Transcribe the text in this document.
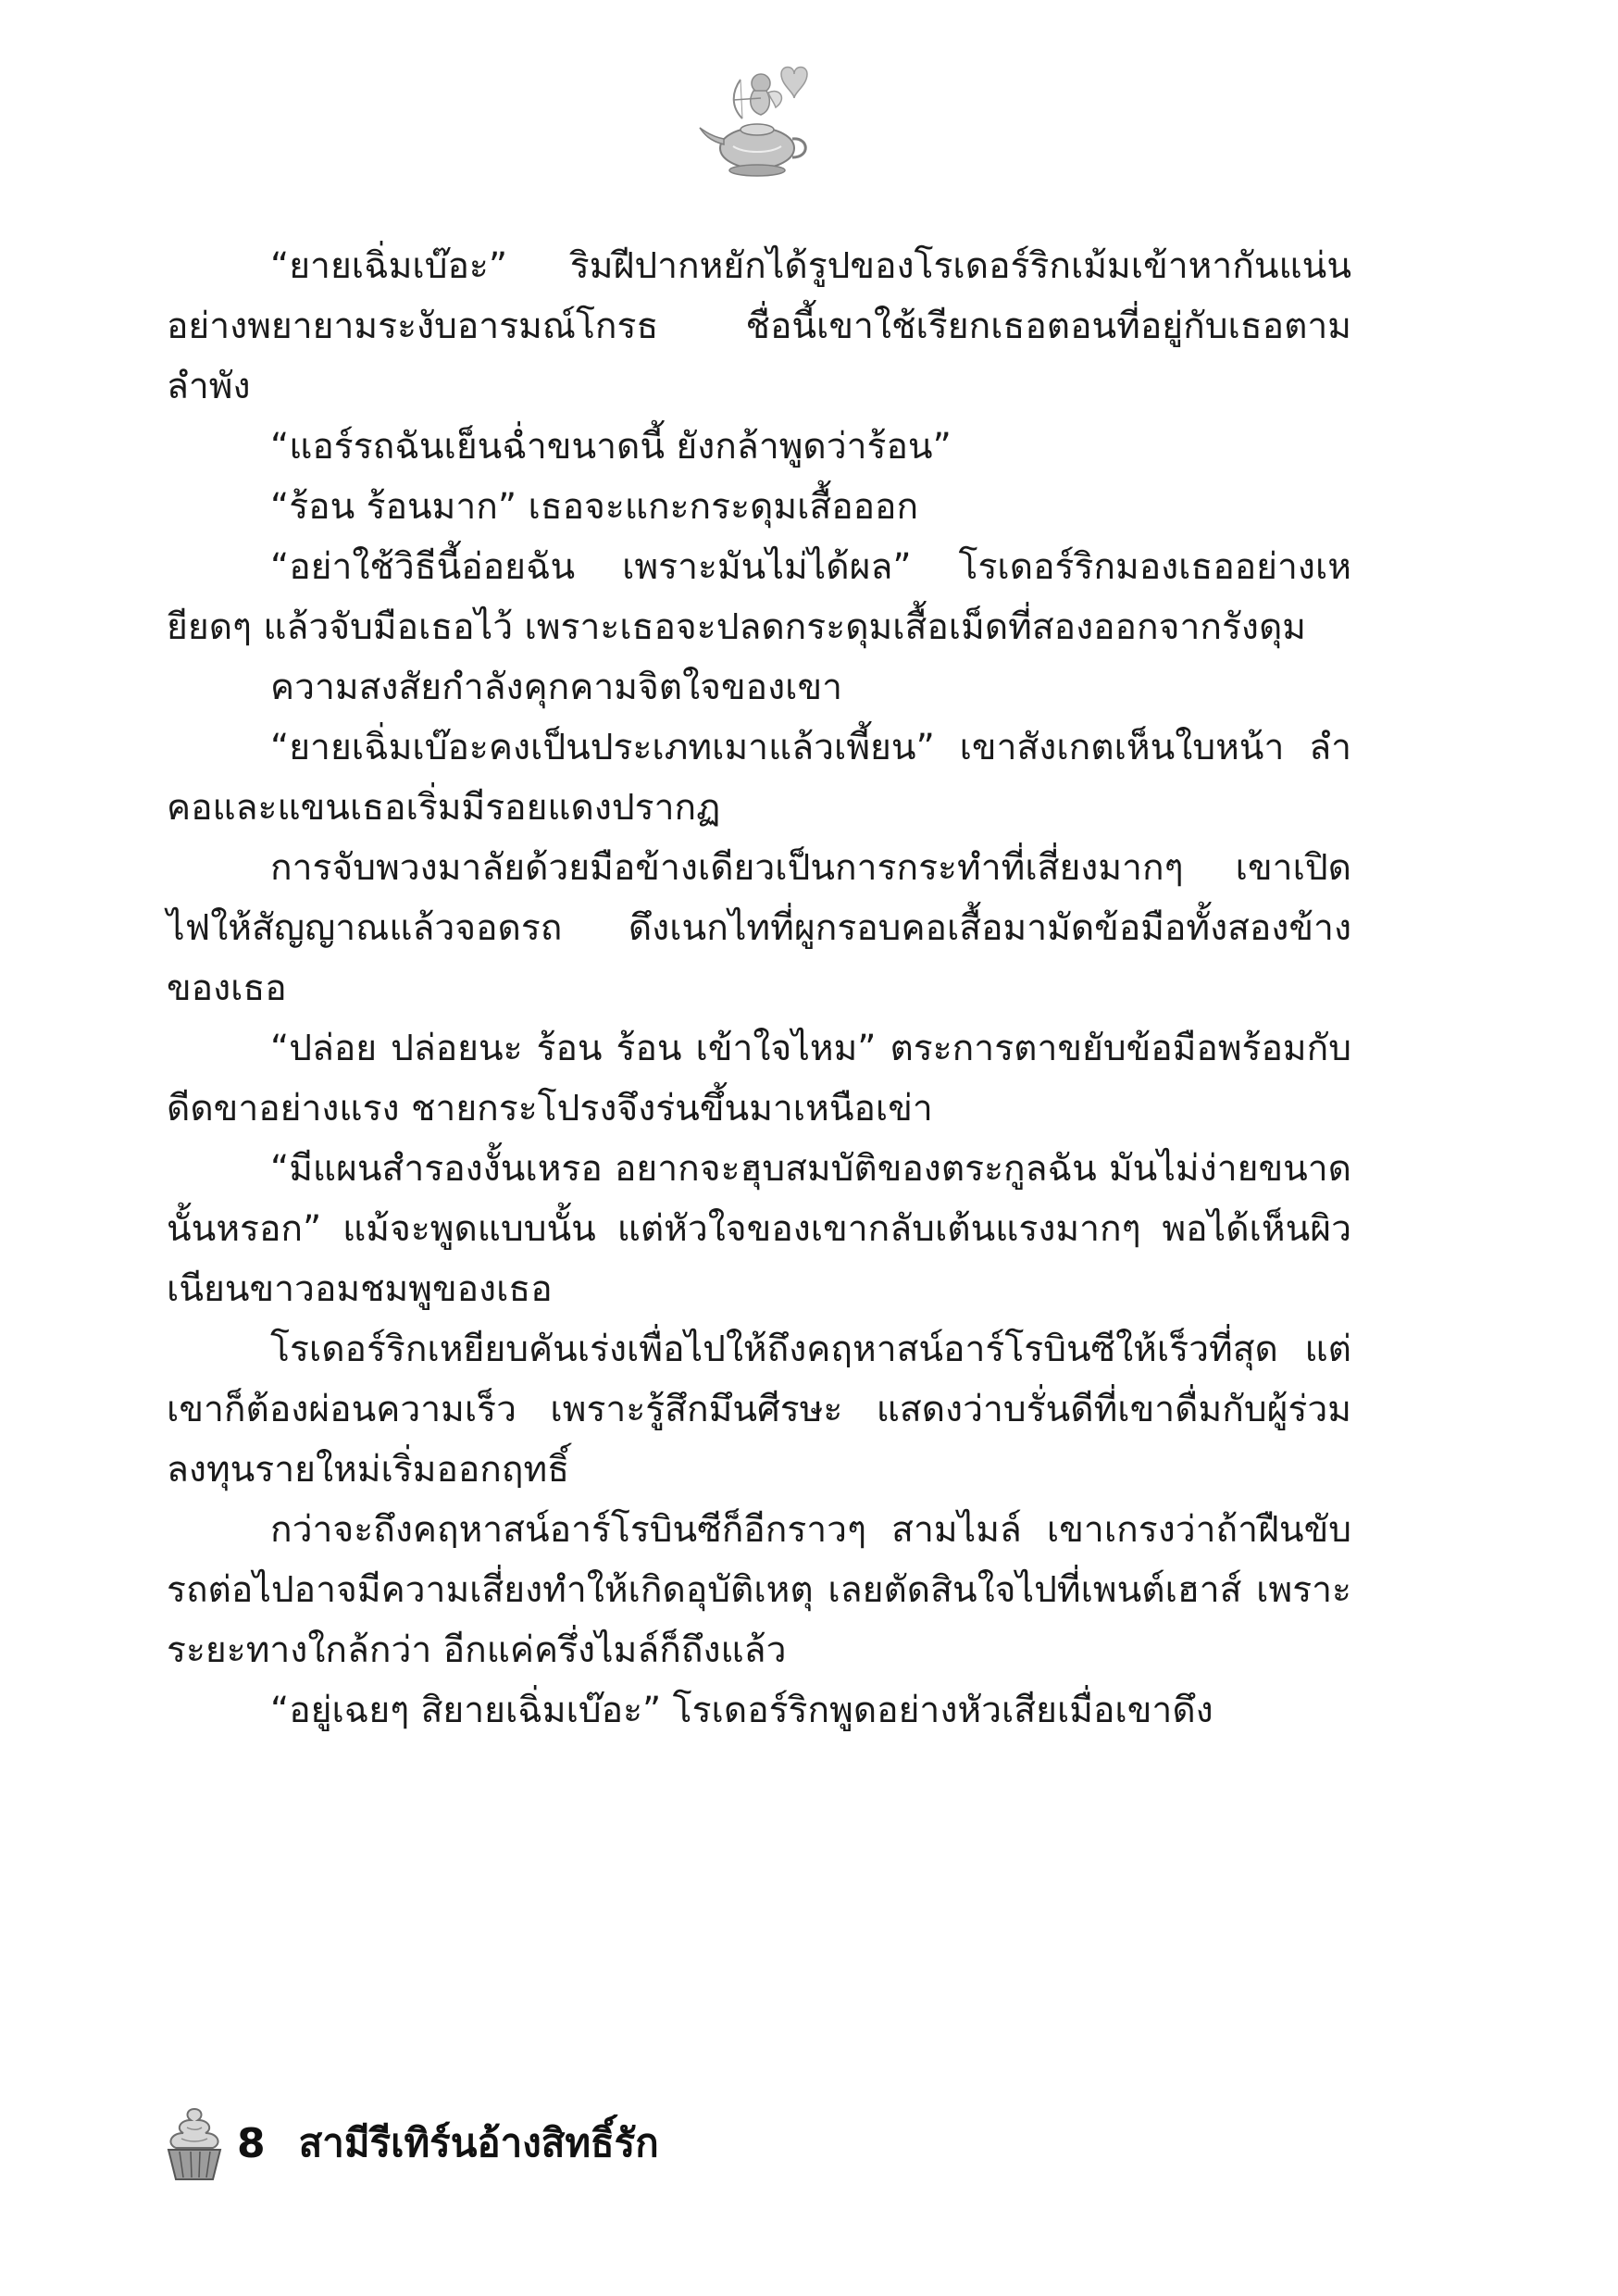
“ยายเฉิ่มเบ๊อะ” ริมฝีปากหยักได้รูปของโรเดอร์ริกเม้มเข้าหากันแน่นอย่างพยายามระงับอารมณ์โกรธ ชื่อนี้เขาใช้เรียกเธอตอนที่อยู่กับเธอตามลำพัง

“แอร์รถฉันเย็นฉ่ำขนาดนี้ ยังกล้าพูดว่าร้อน”

“ร้อน ร้อนมาก” เธอจะแกะกระดุมเสื้อออก

“อย่าใช้วิธีนี้อ่อยฉัน เพราะมันไม่ได้ผล” โรเดอร์ริกมองเธออย่างเหยียดๆ แล้วจับมือเธอไว้ เพราะเธอจะปลดกระดุมเสื้อเม็ดที่สองออกจากรังดุม

ความสงสัยกำลังคุกคามจิตใจของเขา

“ยายเฉิ่มเบ๊อะคงเป็นประเภทเมาแล้วเพี้ยน” เขาสังเกตเห็นใบหน้า ลำคอและแขนเธอเริ่มมีรอยแดงปรากฏ

การจับพวงมาลัยด้วยมือข้างเดียวเป็นการกระทำที่เสี่ยงมากๆ เขาเปิดไฟให้สัญญาณแล้วจอดรถ ดึงเนกไทที่ผูกรอบคอเสื้อมามัดข้อมือทั้งสองข้างของเธอ

“ปล่อย ปล่อยนะ ร้อน ร้อน เข้าใจไหม” ตระการตาขยับข้อมือพร้อมกับดีดขาอย่างแรง ชายกระโปรงจึงร่นขึ้นมาเหนือเข่า

“มีแผนสำรองงั้นเหรอ อยากจะฮุบสมบัติของตระกูลฉัน มันไม่ง่ายขนาดนั้นหรอก” แม้จะพูดแบบนั้น แต่หัวใจของเขากลับเต้นแรงมากๆ พอได้เห็นผิวเนียนขาวอมชมพูของเธอ

โรเดอร์ริกเหยียบคันเร่งเพื่อไปให้ถึงคฤหาสน์อาร์โรบินซีให้เร็วที่สุด แต่เขาก็ต้องผ่อนความเร็ว เพราะรู้สึกมึนศีรษะ แสดงว่าบรั่นดีที่เขาดื่มกับผู้ร่วมลงทุนรายใหม่เริ่มออกฤทธิ์

กว่าจะถึงคฤหาสน์อาร์โรบินซีก็อีกราวๆ สามไมล์ เขาเกรงว่าถ้าฝืนขับรถต่อไปอาจมีความเสี่ยงทำให้เกิดอุบัติเหตุ เลยตัดสินใจไปที่เพนต์เฮาส์ เพราะระยะทางใกล้กว่า อีกแค่ครึ่งไมล์ก็ถึงแล้ว

“อยู่เฉยๆ สิยายเฉิ่มเบ๊อะ” โรเดอร์ริกพูดอย่างหัวเสียเมื่อเขาดึง

8 สามีรีเทิร์นอ้างสิทธิ์รัก
